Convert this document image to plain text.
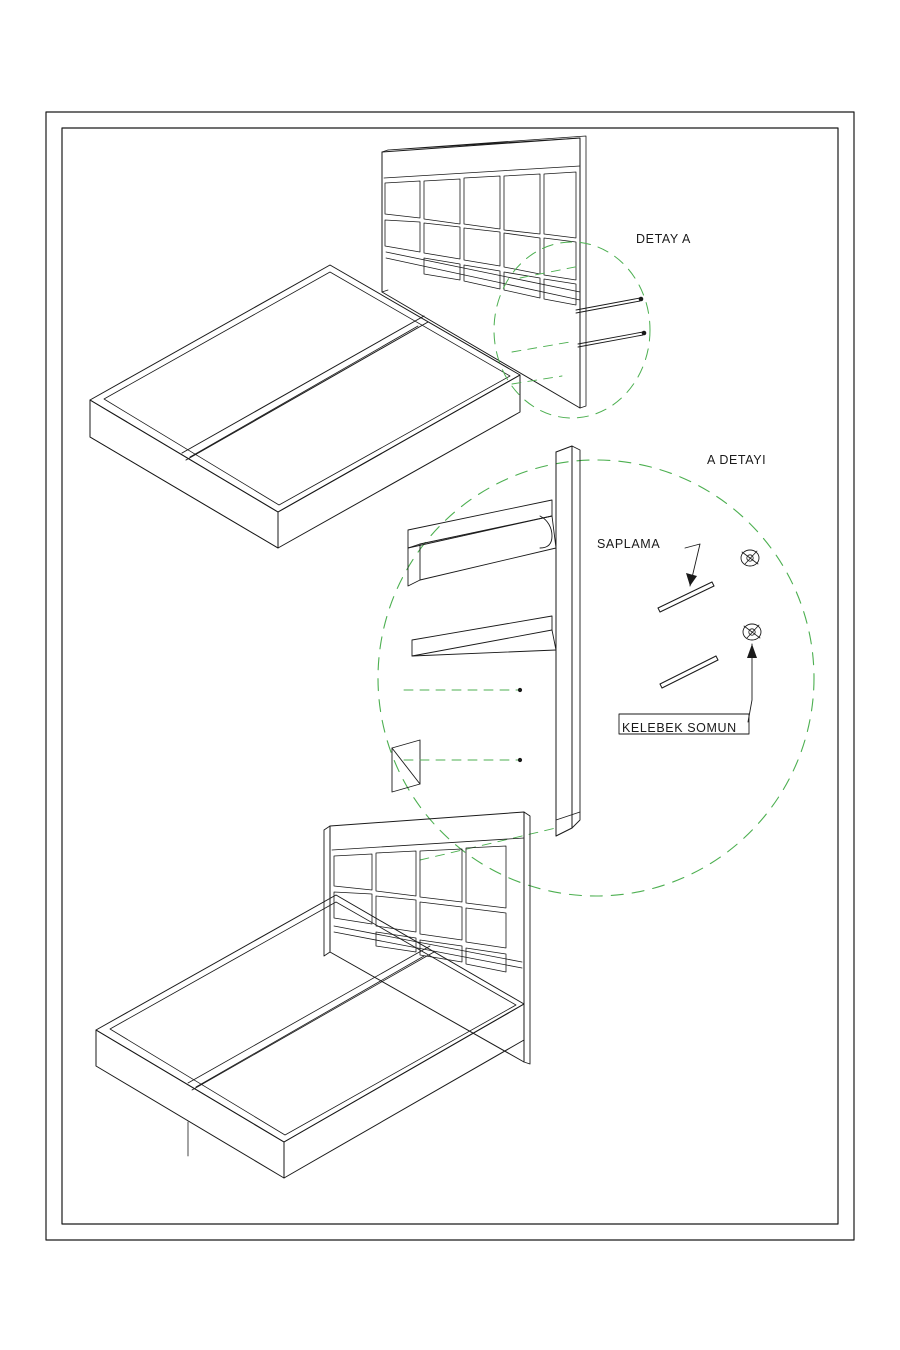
DETAY A
A DETAYI
SAPLAMA
KELEBEK SOMUN
